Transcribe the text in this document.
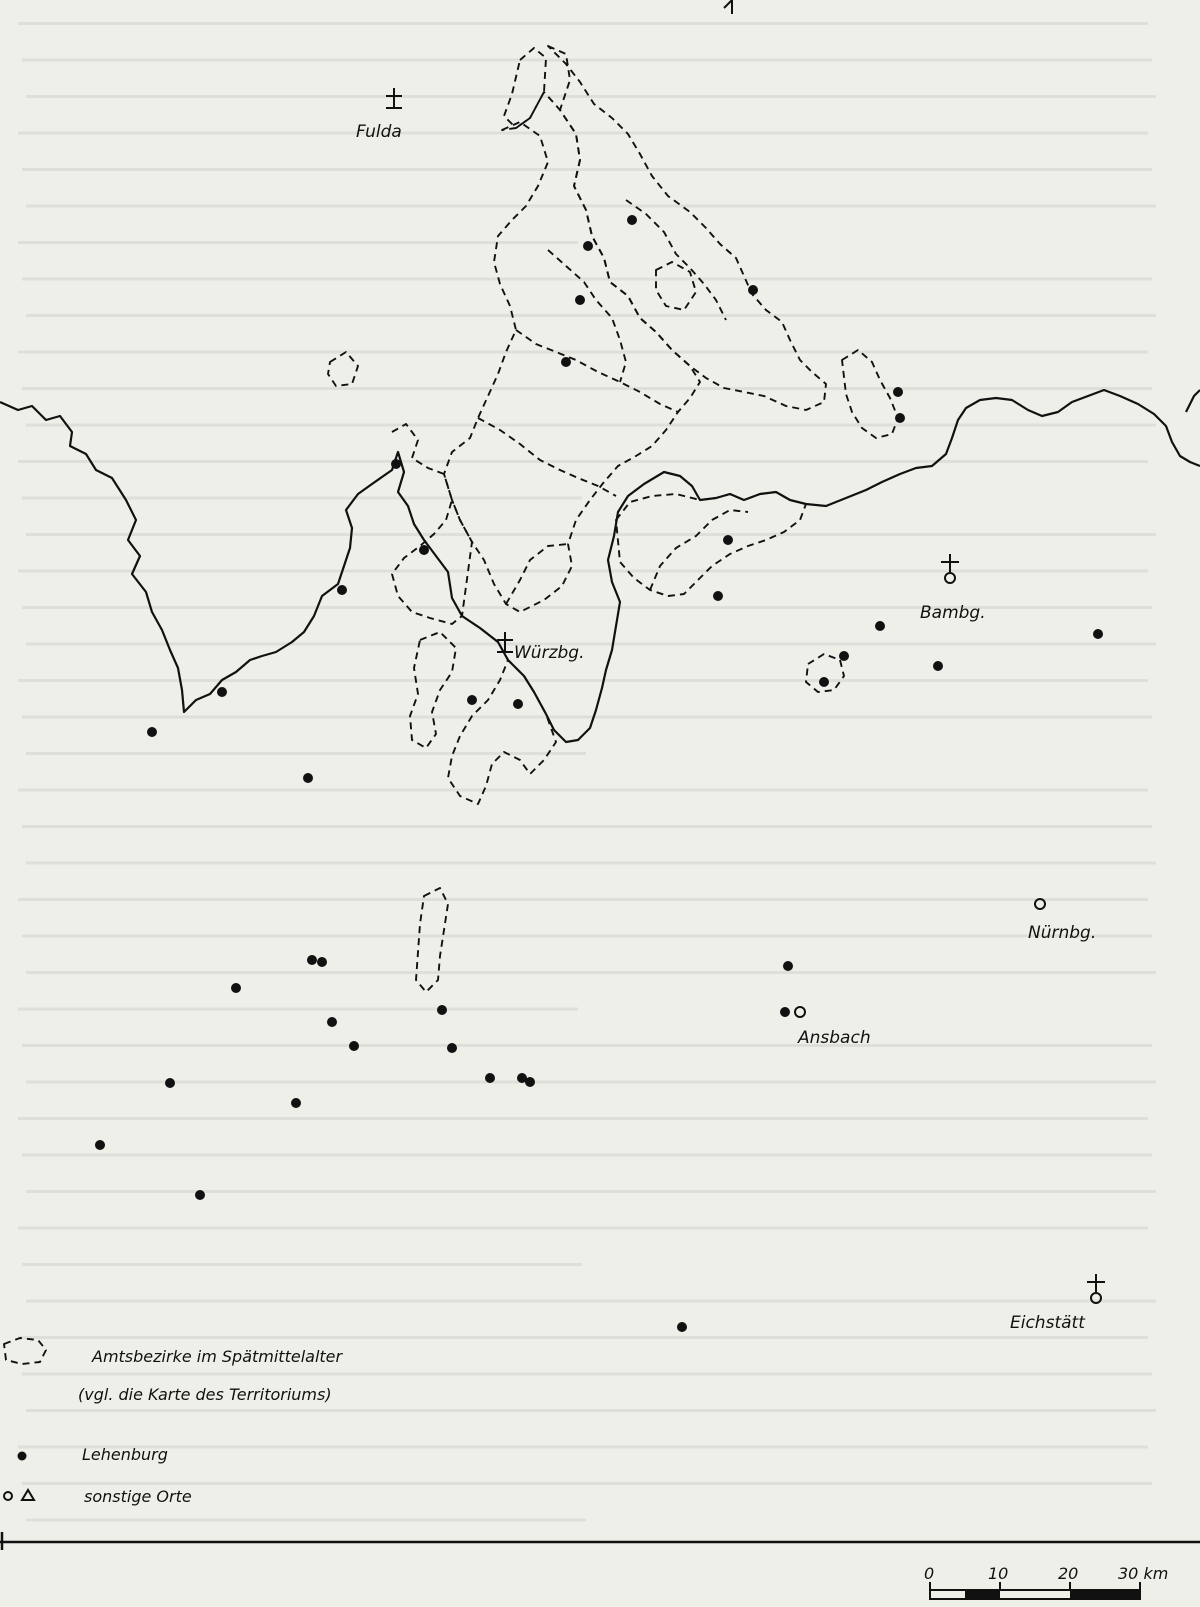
Fulda
Würzbg.
Bambg.
Nürnbg.
Ansbach
Eichstätt
Amtsbezirke im Spätmittelalter
(vgl. die Karte des Territoriums)
Lehenburg
sonstige Orte
0	10	20 30 km
